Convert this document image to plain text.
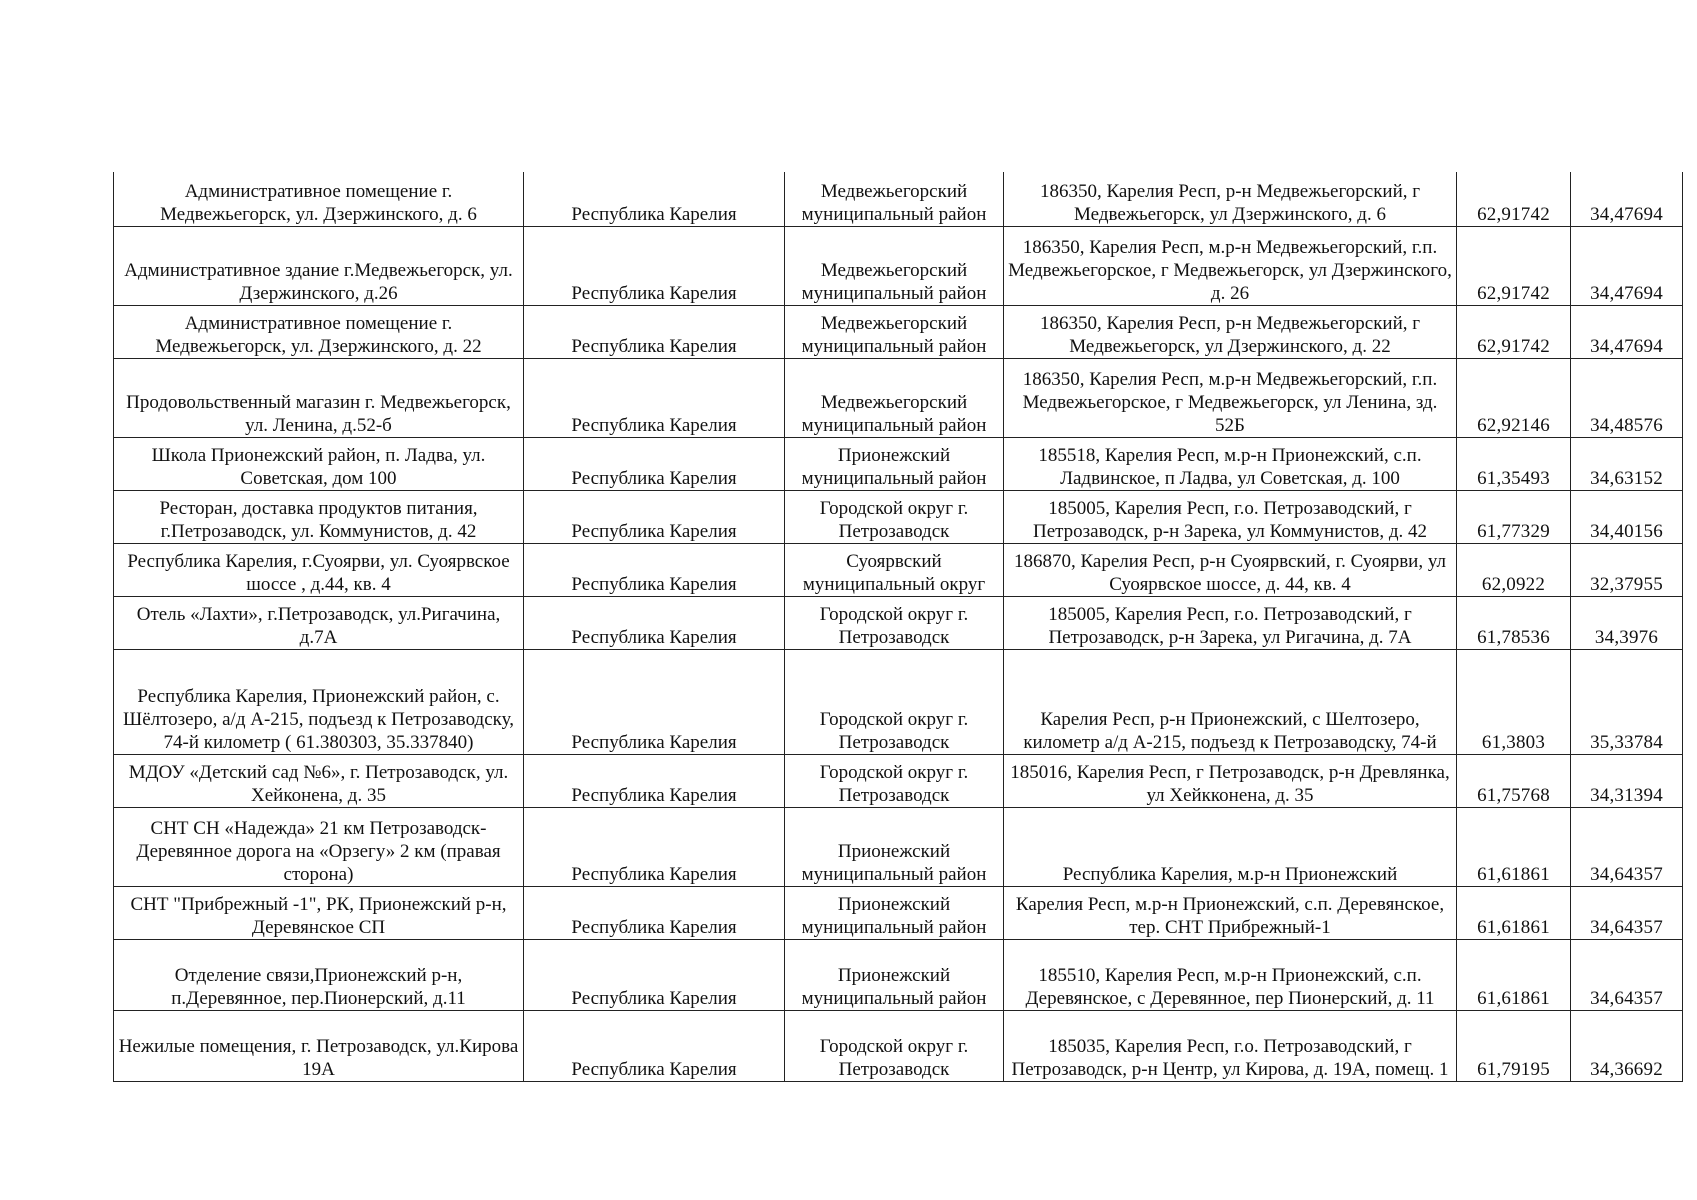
Административное помещение г. Медвежьегорск, ул. Дзержинского, д. 6	Республика Карелия	Медвежьегорский муниципальный район	186350, Карелия Респ, р-н Медвежьегорский, г Медвежьегорск, ул Дзержинского, д. 6	62,91742	34,47694
Административное здание г.Медвежьегорск, ул. Дзержинского, д.26	Республика Карелия	Медвежьегорский муниципальный район	186350, Карелия Респ, м.р-н Медвежьегорский, г.п. Медвежьегорское, г Медвежьегорск, ул Дзержинского, д. 26	62,91742	34,47694
Административное помещение г. Медвежьегорск, ул. Дзержинского, д. 22	Республика Карелия	Медвежьегорский муниципальный район	186350, Карелия Респ, р-н Медвежьегорский, г Медвежьегорск, ул Дзержинского, д. 22	62,91742	34,47694
Продовольственный магазин г. Медвежьегорск, ул. Ленина, д.52-б	Республика Карелия	Медвежьегорский муниципальный район	186350, Карелия Респ, м.р-н Медвежьегорский, г.п. Медвежьегорское, г Медвежьегорск, ул Ленина, зд. 52Б	62,92146	34,48576
Школа Прионежский район, п. Ладва, ул. Советская, дом 100	Республика Карелия	Прионежский муниципальный район	185518, Карелия Респ, м.р-н Прионежский, с.п. Ладвинское, п Ладва, ул Советская, д. 100	61,35493	34,63152
Ресторан, доставка продуктов питания, г.Петрозаводск, ул. Коммунистов, д. 42	Республика Карелия	Городской округ г. Петрозаводск	185005, Карелия Респ, г.о. Петрозаводский, г Петрозаводск, р-н Зарека, ул Коммунистов, д. 42	61,77329	34,40156
Республика Карелия, г.Суоярви, ул. Суоярвское шоссе , д.44, кв. 4	Республика Карелия	Суоярвский муниципальный округ	186870, Карелия Респ, р-н Суоярвский, г. Суоярви, ул Суоярвское шоссе, д. 44, кв. 4	62,0922	32,37955
Отель «Лахти», г.Петрозаводск, ул.Ригачина, д.7А	Республика Карелия	Городской округ г. Петрозаводск	185005, Карелия Респ, г.о. Петрозаводский, г Петрозаводск, р-н Зарека, ул Ригачина, д. 7А	61,78536	34,3976
Республика Карелия, Прионежский район, с. Шёлтозеро, а/д А-215, подъезд к Петрозаводску, 74-й километр ( 61.380303, 35.337840)	Республика Карелия	Городской округ г. Петрозаводск	Карелия Респ, р-н Прионежский, с Шелтозеро, километр а/д А-215, подъезд к Петрозаводску, 74-й	61,3803	35,33784
МДОУ «Детский сад №6», г. Петрозаводск, ул. Хейконена, д. 35	Республика Карелия	Городской округ г. Петрозаводск	185016, Карелия Респ, г Петрозаводск, р-н Древлянка, ул Хейкконена, д. 35	61,75768	34,31394
СНТ СН «Надежда» 21 км Петрозаводск-Деревянное дорога на «Орзегу» 2 км (правая сторона)	Республика Карелия	Прионежский муниципальный район	Республика Карелия, м.р-н Прионежский	61,61861	34,64357
СНТ "Прибрежный -1", РК, Прионежский р-н, Деревянское СП	Республика Карелия	Прионежский муниципальный район	Карелия Респ, м.р-н Прионежский, с.п. Деревянское, тер. СНТ Прибрежный-1	61,61861	34,64357
Отделение связи,Прионежский р-н, п.Деревянное, пер.Пионерский, д.11	Республика Карелия	Прионежский муниципальный район	185510, Карелия Респ, м.р-н Прионежский, с.п. Деревянское, с Деревянное, пер Пионерский, д. 11	61,61861	34,64357
Нежилые помещения, г. Петрозаводск, ул.Кирова 19А	Республика Карелия	Городской округ г. Петрозаводск	185035, Карелия Респ, г.о. Петрозаводский, г Петрозаводск, р-н Центр, ул Кирова, д. 19А, помещ. 1	61,79195	34,36692
